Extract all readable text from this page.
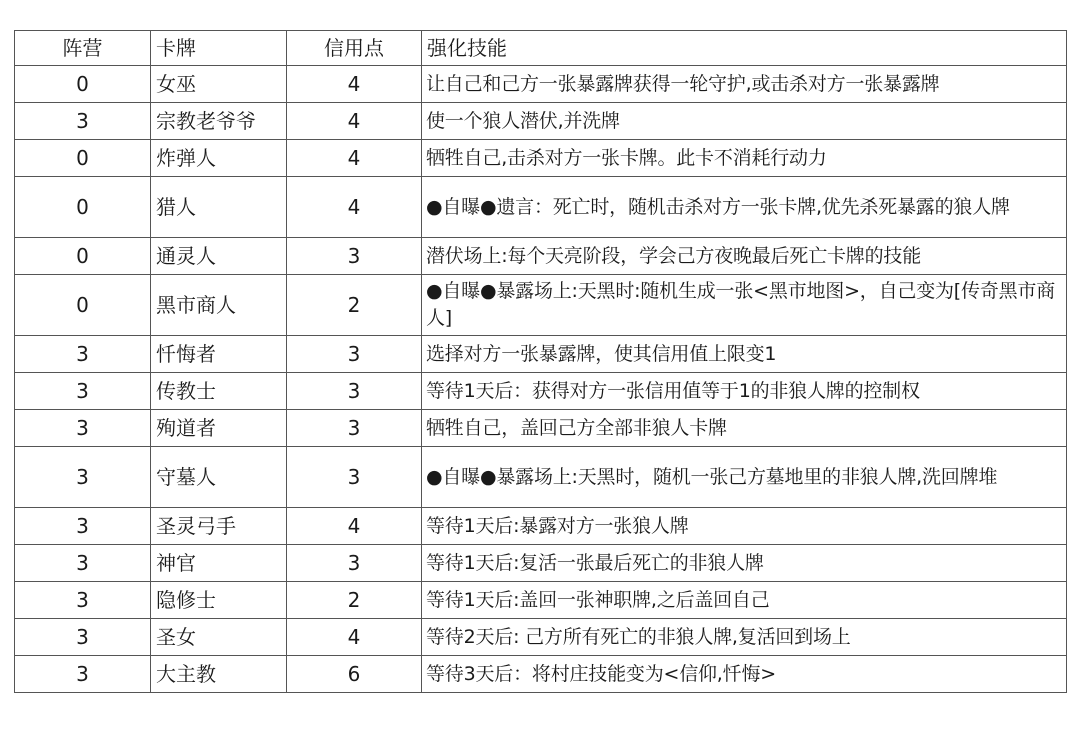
阵营	卡牌	信用点	强化技能
0	女巫	4	让自己和己方一张暴露牌获得一轮守护,或击杀对方一张暴露牌
3	宗教老爷爷	4	使一个狼人潜伏,并洗牌
0	炸弹人	4	牺牲自己,击杀对方一张卡牌。此卡不消耗行动力
0	猎人	4	●自曝●遗言：死亡时，随机击杀对方一张卡牌,优先杀死暴露的狼人牌
0	通灵人	3	潜伏场上:每个天亮阶段，学会己方夜晚最后死亡卡牌的技能
0	黑市商人	2	●自曝●暴露场上:天黑时:随机生成一张<黑市地图>，自己变为[传奇黑市商人]
3	忏悔者	3	选择对方一张暴露牌，使其信用值上限变1
3	传教士	3	等待1天后：获得对方一张信用值等于1的非狼人牌的控制权
3	殉道者	3	牺牲自己，盖回己方全部非狼人卡牌
3	守墓人	3	●自曝●暴露场上:天黑时，随机一张己方墓地里的非狼人牌,洗回牌堆
3	圣灵弓手	4	等待1天后:暴露对方一张狼人牌
3	神官	3	等待1天后:复活一张最后死亡的非狼人牌
3	隐修士	2	等待1天后:盖回一张神职牌,之后盖回自己
3	圣女	4	等待2天后: 己方所有死亡的非狼人牌,复活回到场上
3	大主教	6	等待3天后：将村庄技能变为<信仰,忏悔>
